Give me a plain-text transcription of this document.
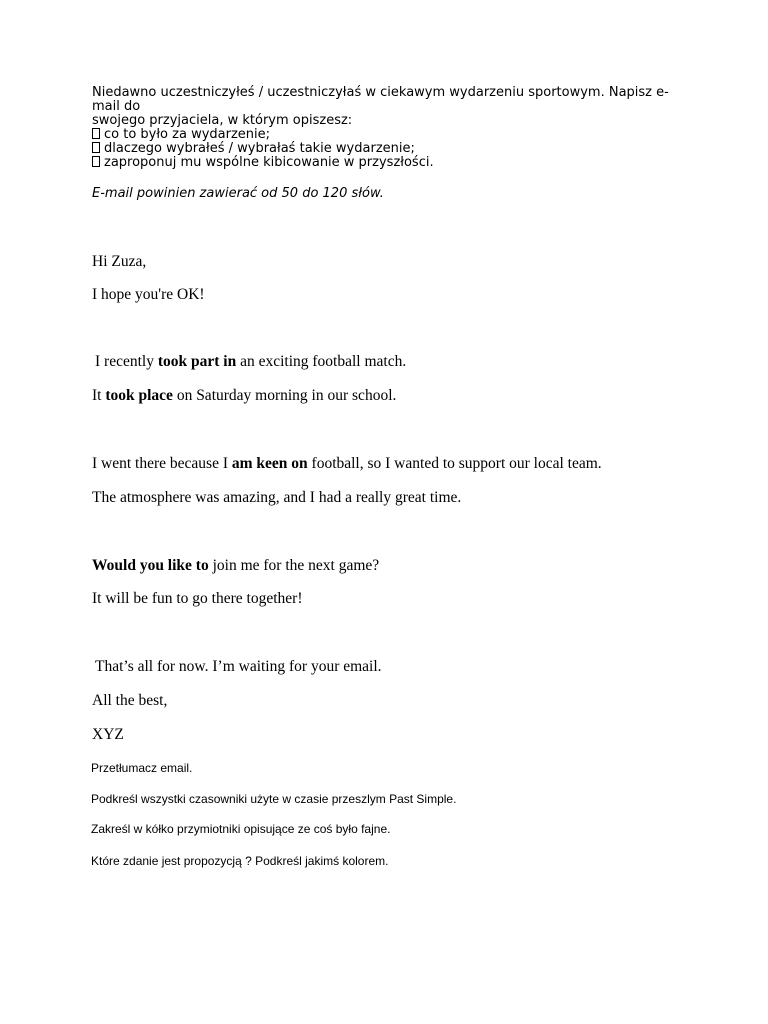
Niedawno uczestniczyłeś / uczestniczyłaś w ciekawym wydarzeniu sportowym. Napisz e-
mail do
swojego przyjaciela, w którym opiszesz:
co to było za wydarzenie;
dlaczego wybrałeś / wybrałaś takie wydarzenie;
zaproponuj mu wspólne kibicowanie w przyszłości.
E-mail powinien zawierać od 50 do 120 słów.
Hi Zuza,
I hope you're OK!
I recently took part in an exciting football match.
It took place on Saturday morning in our school.
I went there because I am keen on football, so I wanted to support our local team.
The atmosphere was amazing, and I had a really great time.
Would you like to join me for the next game?
It will be fun to go there together!
That’s all for now. I’m waiting for your email.
All the best,
XYZ
Przetłumacz email.
Podkreśl wszystki czasowniki użyte w czasie przeszlym Past Simple.
Zakreśl w kółko przymiotniki opisujące ze coś było fajne.
Które zdanie jest propozycją ? Podkreśl jakimś kolorem.
